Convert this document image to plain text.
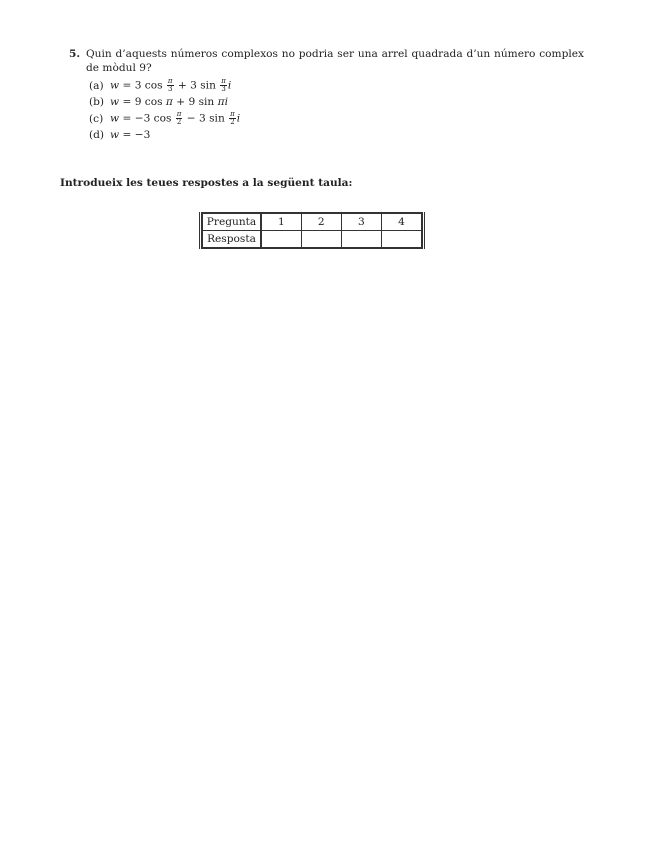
5. Quin d’aquests números complexos no podria ser una arrel quadrada d’un número complex de mòdul 9?
(a) w = 3 $\cos \frac{\pi}{3} + 3$ $\sin \frac{\pi}{3}$ i
(b) w = 9 cos π + 9 sin πi
(c) w = −3 $\cos \frac{\pi}{2} - 3$ $\sin \frac{\pi}{2}$ i
(d) w = −3
Introdueix les teues respostes a la següent taula:
Pregunta	1	2	3	4
Resposta				
